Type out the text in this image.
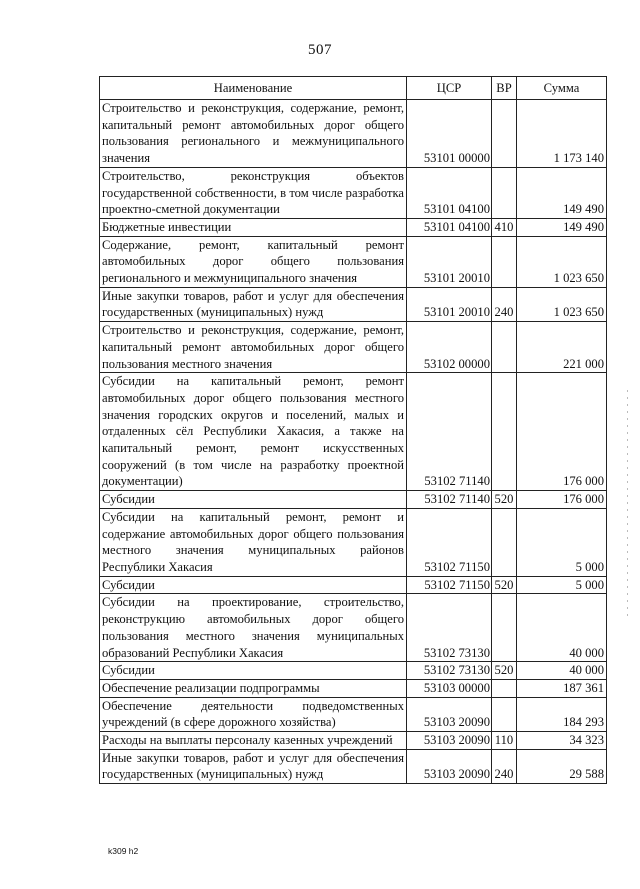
507
Наименование	ЦСР	ВР	Сумма
Строительство и реконструкция, содержание, ремонт, капитальный ремонт автомобильных дорог общего пользования регионального и межмуниципального значения	53101 00000		1 173 140
Строительство, реконструкция объектов государственной собственности, в том числе разработка проектно-сметной документации	53101 04100		149 490
Бюджетные инвестиции	53101 04100	410	149 490
Содержание, ремонт, капитальный ремонт автомобильных дорог общего пользования регионального и межмуниципального значения	53101 20010		1 023 650
Иные закупки товаров, работ и услуг для обеспечения государственных (муниципальных) нужд	53101 20010	240	1 023 650
Строительство и реконструкция, содержание, ремонт, капитальный ремонт автомобильных дорог общего пользования местного значения	53102 00000		221 000
Субсидии на капитальный ремонт, ремонт автомобильных дорог общего пользования местного значения городских округов и поселений, малых и отдаленных сёл Республики Хакасия, а также на капитальный ремонт, ремонт искусственных сооружений (в том числе на разработку проектной документации)	53102 71140		176 000
Субсидии	53102 71140	520	176 000
Субсидии на капитальный ремонт, ремонт и содержание автомобильных дорог общего пользования местного значения муниципальных районов Республики Хакасия	53102 71150		5 000
Субсидии	53102 71150	520	5 000
Субсидии на проектирование, строительство, реконструкцию автомобильных дорог общего пользования местного значения муниципальных образований Республики Хакасия	53102 73130		40 000
Субсидии	53102 73130	520	40 000
Обеспечение реализации подпрограммы	53103 00000		187 361
Обеспечение деятельности подведомственных учреждений (в сфере дорожного хозяйства)	53103 20090		184 293
Расходы на выплаты персоналу казенных учреждений	53103 20090	110	34 323
Иные закупки товаров, работ и услуг для обеспечения государственных (муниципальных) нужд	53103 20090	240	29 588
k309 h2
